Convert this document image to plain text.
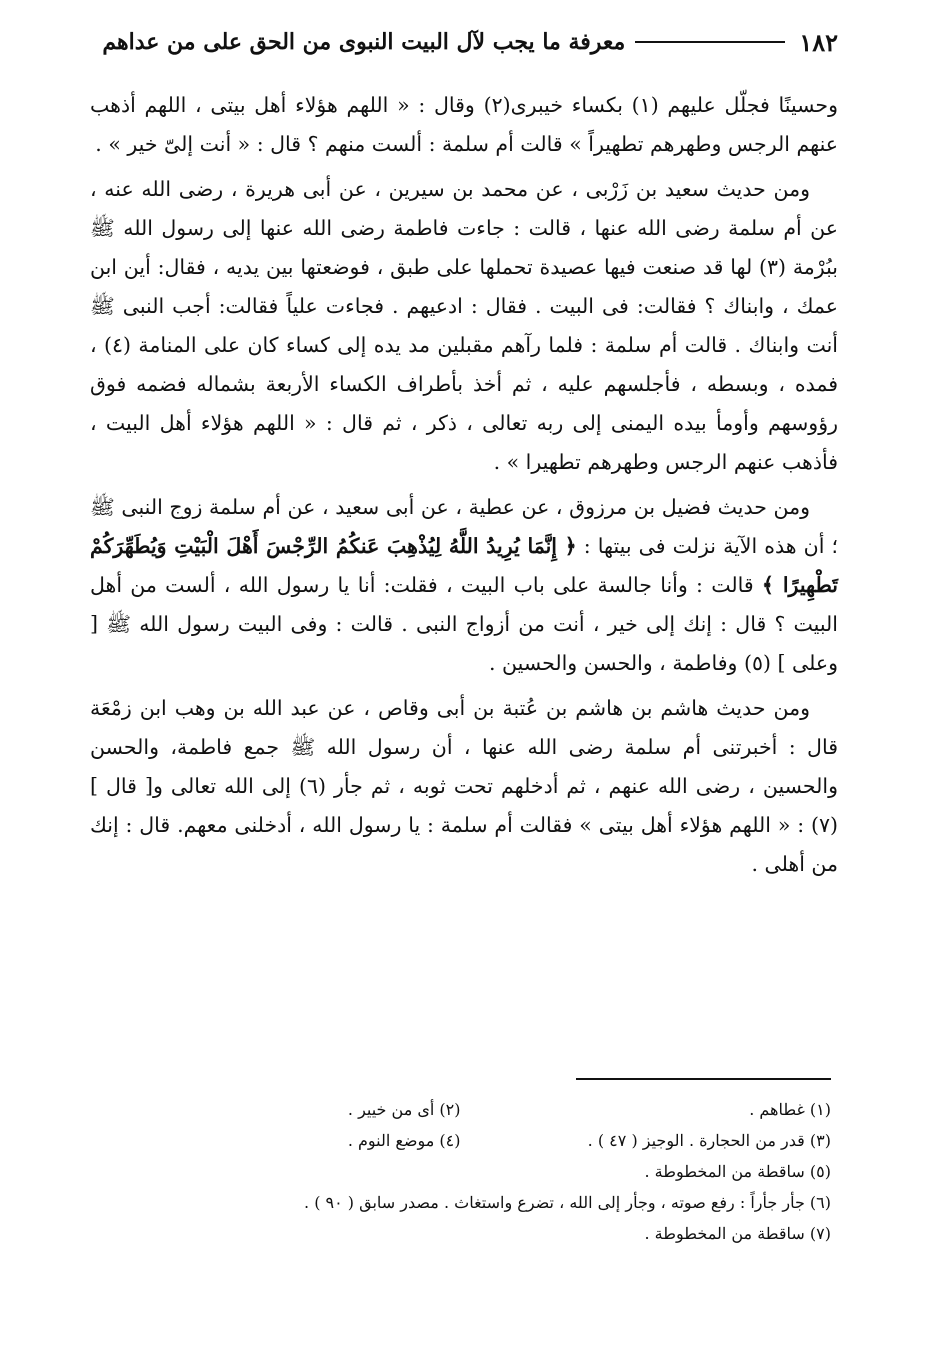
١٨٢
معرفة ما يجب لآل البيت النبوى من الحق على من عداهم

وحسينًا فجلّل عليهم (١) بكساء خيبرى(٢) وقال : « اللهم هؤلاء أهل بيتى ، اللهم أذهب عنهم الرجس وطهرهم تطهيراً » قالت أم سلمة : ألست منهم ؟ قال : « أنت إلىّ خير » .

ومن حديث سعيد بن زَرْبى ، عن محمد بن سيرين ، عن أبى هريرة ، رضى الله عنه ، عن أم سلمة رضى الله عنها ، قالت : جاءت فاطمة رضى الله عنها إلى رسول الله ﷺ ببُرْمة (٣) لها قد صنعت فيها عصيدة تحملها على طبق ، فوضعتها بين يديه ، فقال: أين ابن عمك ، وابناك ؟ فقالت: فى البيت . فقال : ادعيهم . فجاءت علياً فقالت: أجب النبى ﷺ أنت وابناك . قالت أم سلمة : فلما رآهم مقبلين مد يده إلى كساء كان على المنامة (٤) ، فمده ، وبسطه ، فأجلسهم عليه ، ثم أخذ بأطراف الكساء الأربعة بشماله فضمه فوق رؤوسهم وأومأ بيده اليمنى إلى ربه تعالى ، ذكر ، ثم قال : « اللهم هؤلاء أهل البيت ، فأذهب عنهم الرجس وطهرهم تطهيرا » .

ومن حديث فضيل بن مرزوق ، عن عطية ، عن أبى سعيد ، عن أم سلمة زوج النبى ﷺ ؛ أن هذه الآية نزلت فى بيتها : ﴿ إِنَّمَا يُرِيدُ اللَّهُ لِيُذْهِبَ عَنكُمُ الرِّجْسَ أَهْلَ الْبَيْتِ وَيُطَهِّرَكُمْ تَطْهِيرًا ﴾ قالت : وأنا جالسة على باب البيت ، فقلت: أنا يا رسول الله ، ألست من أهل البيت ؟ قال : إنك إلى خير ، أنت من أزواج النبى . قالت : وفى البيت رسول الله ﷺ [ وعلى ] (٥) وفاطمة ، والحسن والحسين .

ومن حديث هاشم بن هاشم بن عُتبة بن أبى وقاص ، عن عبد الله بن وهب ابن زمْعَة قال : أخبرتنى أم سلمة رضى الله عنها ، أن رسول الله ﷺ جمع فاطمة، والحسن والحسين ، رضى الله عنهم ، ثم أدخلهم تحت ثوبه ، ثم جأر (٦) إلى الله تعالى و[ قال ] (٧) : « اللهم هؤلاء أهل بيتى » فقالت أم سلمة : يا رسول الله ، أدخلنى معهم. قال : إنك من أهلى .

(١) غطاهم .
(٢) أى من خيير .
(٣) قدر من الحجارة . الوجيز ( ٤٧ ) .
(٤) موضع النوم .
(٥) ساقطة من المخطوطة .
(٦) جأر جأراً : رفع صوته ، وجأر إلى الله ، تضرع واستغاث . مصدر سابق ( ٩٠ ) .
(٧) ساقطة من المخطوطة .
